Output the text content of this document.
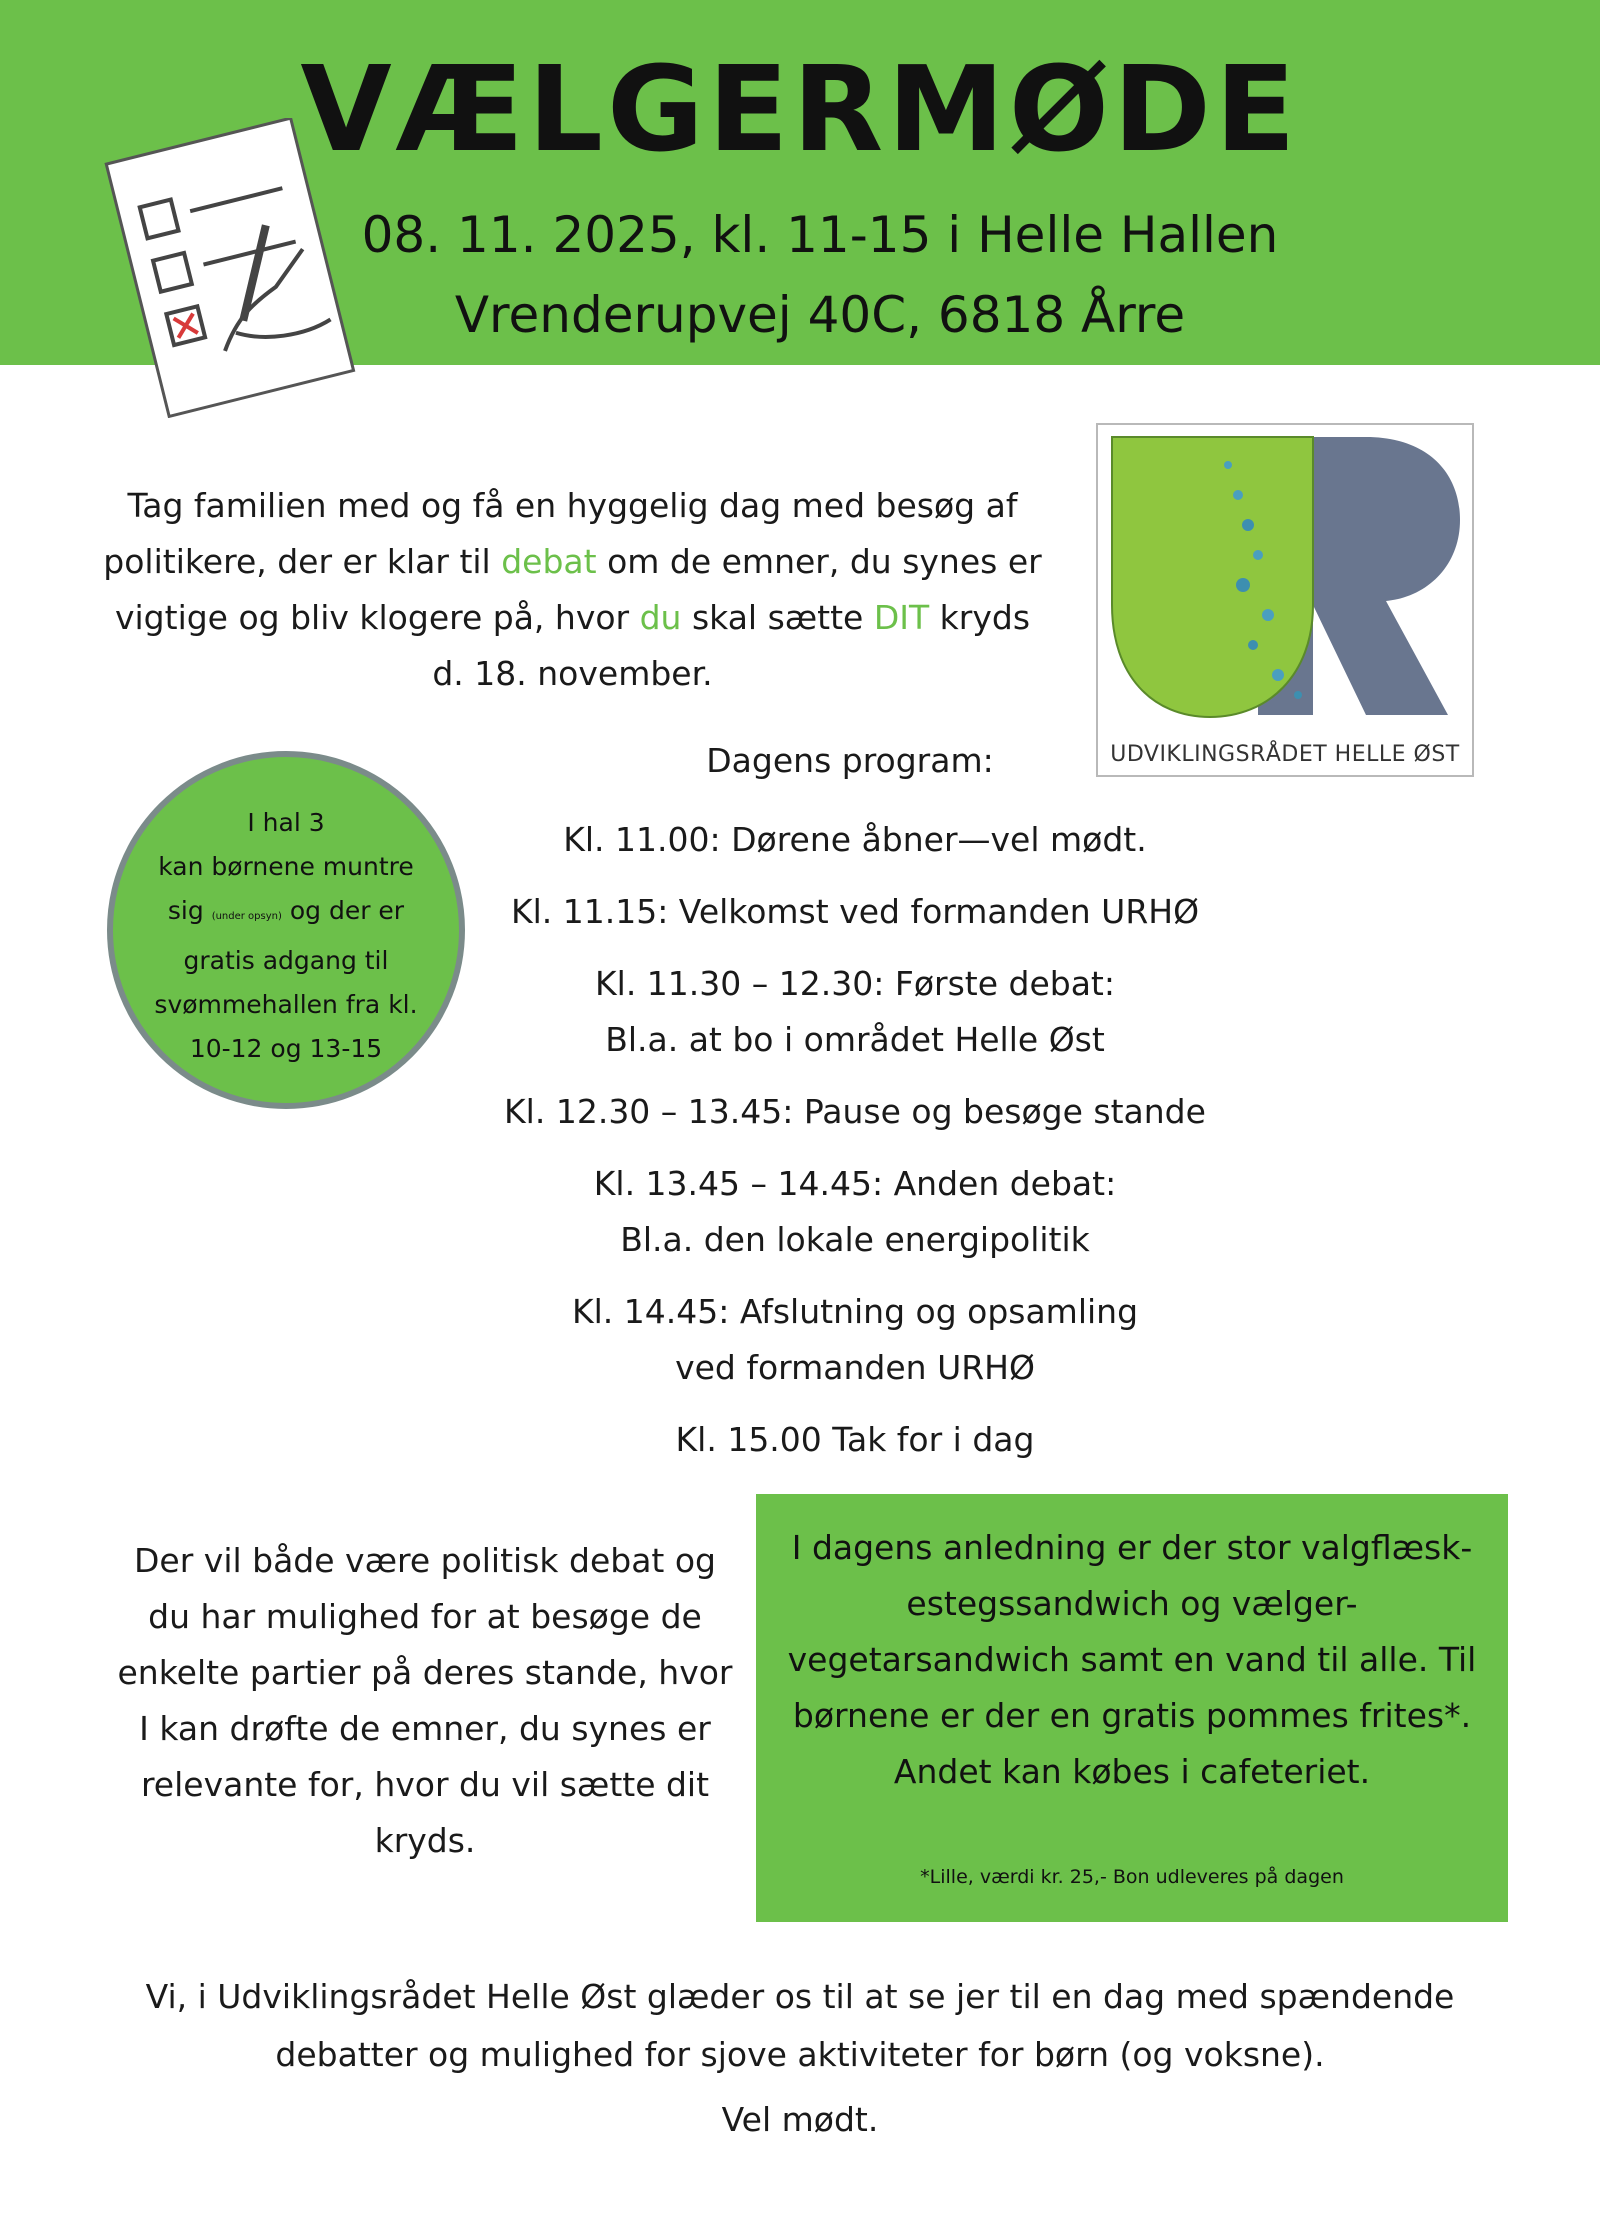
VÆLGERMØDE
08. 11. 2025, kl. 11-15 i Helle Hallen
Vrenderupvej 40C, 6818 Årre
UDVIKLINGSRÅDET HELLE ØST
Tag familien med og få en hyggelig dag med besøg af politikere, der er klar til debat om de emner, du synes er vigtige og bliv klogere på, hvor du skal sætte DIT kryds d. 18. november.
I hal 3
kan børnene muntre
sig (under opsyn) og der er
gratis adgang til
svømmehallen fra kl.
10-12 og 13-15
Dagens program:
Kl. 11.00: Dørene åbner—vel mødt.
Kl. 11.15: Velkomst ved formanden URHØ
Kl. 11.30 – 12.30: Første debat:
Bl.a. at bo i området Helle Øst
Kl. 12.30 – 13.45: Pause og besøge stande
Kl. 13.45 – 14.45: Anden debat:
Bl.a. den lokale energipolitik
Kl. 14.45: Afslutning og opsamling
ved formanden URHØ
Kl. 15.00 Tak for i dag
Der vil både være politisk debat og du har mulighed for at besøge de enkelte partier på deres stande, hvor I kan drøfte de emner, du synes er relevante for, hvor du vil sætte dit kryds.
I dagens anledning er der stor valgflæsk-estegssandwich og vælger-vegetarsandwich samt en vand til alle. Til børnene er der en gratis pommes frites*. Andet kan købes i cafeteriet.
*Lille, værdi kr. 25,- Bon udleveres på dagen
Vi, i Udviklingsrådet Helle Øst glæder os til at se jer til en dag med spændende debatter og mulighed for sjove aktiviteter for børn (og voksne).
Vel mødt.
